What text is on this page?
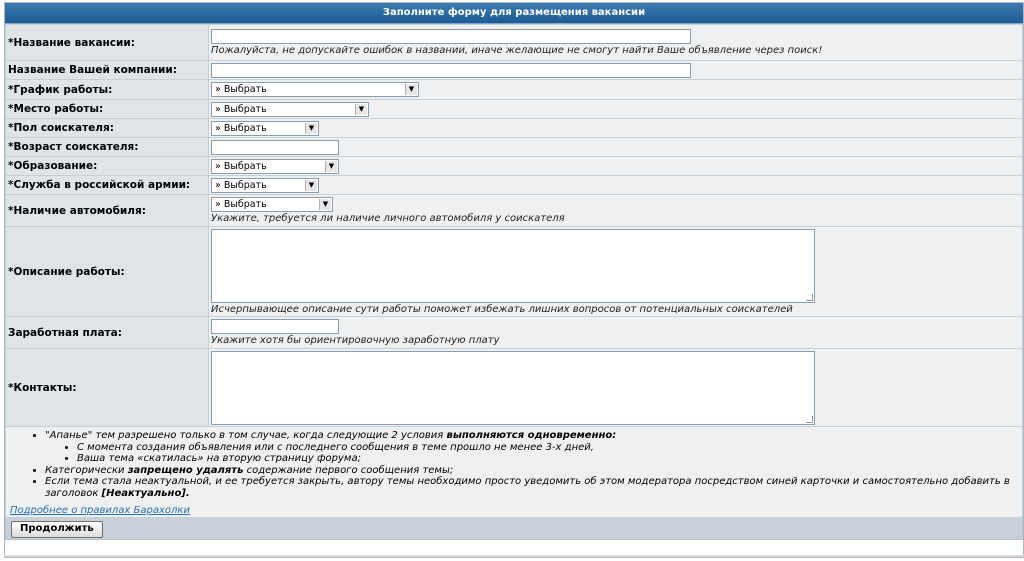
Заполните форму для размещения вакансии
*Название вакансии:	Пожалуйста, не допускайте ошибок в названии, иначе желающие не смогут найти Ваше объявление через поиск!

Название Вашей компании:	

*График работы:	» Выбрать ▼

*Место работы:	» Выбрать ▼

*Пол соискателя:	» Выбрать ▼

*Возраст соискателя:	

*Образование:	» Выбрать ▼

*Служба в российской армии:	» Выбрать ▼

*Наличие автомобиля:	» Выбрать ▼
Укажите, требуется ли наличие личного автомобиля у соискателя

*Описание работы:	Исчерпывающее описание сути работы поможет избежать лишних вопросов от потенциальных соискателей

Заработная плата:	Укажите хотя бы ориентировочную заработную плату

*Контакты:	
• "Апанье" тем разрешено только в том случае, когда следующие 2 условия выполняются одновременно:
• С момента создания объявления или с последнего сообщения в теме прошло не менее 3-х дней,
• Ваша тема «скатилась» на вторую страницу форума;
• Категорически запрещено удалять содержание первого сообщения темы;
• Если тема стала неактуальной, и ее требуется закрыть, автору темы необходимо просто уведомить об этом модератора посредством синей карточки и самостоятельно добавить в заголовок [Неактуально].
Подробнее о правилах Барахолки
Продолжить
